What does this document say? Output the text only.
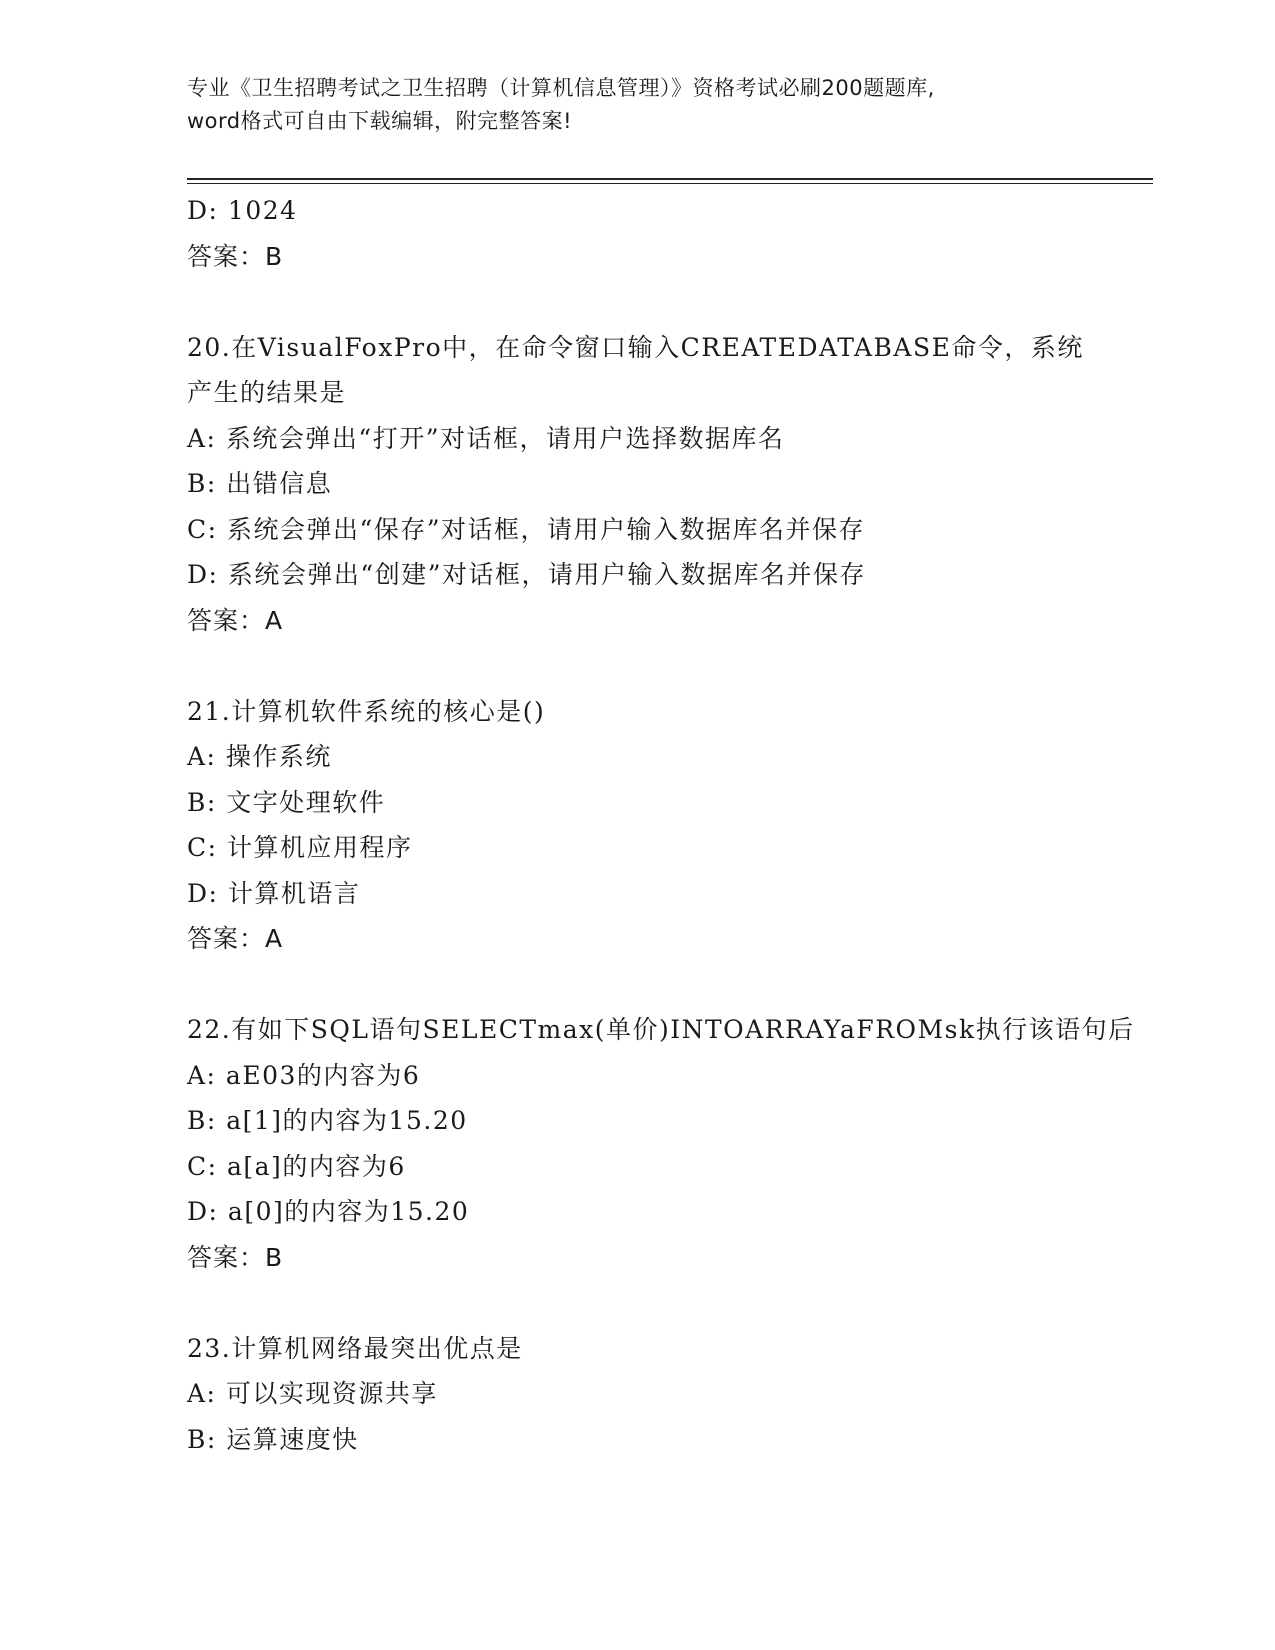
专业《卫生招聘考试之卫生招聘（计算机信息管理）》资格考试必刷200题题库,
word格式可自由下载编辑，附完整答案!
D: 1024
答案：B
20.在VisualFoxPro中，在命令窗口输入CREATEDATABASE命令，系统
产生的结果是
A: 系统会弹出“打开”对话框，请用户选择数据库名
B: 出错信息
C: 系统会弹出“保存”对话框，请用户输入数据库名并保存
D: 系统会弹出“创建”对话框，请用户输入数据库名并保存
答案：A
21.计算机软件系统的核心是()
A: 操作系统
B: 文字处理软件
C: 计算机应用程序
D: 计算机语言
答案：A
22.有如下SQL语句SELECTmax(单价)INTOARRAYaFROMsk执行该语句后
A: aE03的内容为6
B: a[1]的内容为15.20
C: a[a]的内容为6
D: a[0]的内容为15.20
答案：B
23.计算机网络最突出优点是
A: 可以实现资源共享
B: 运算速度快
